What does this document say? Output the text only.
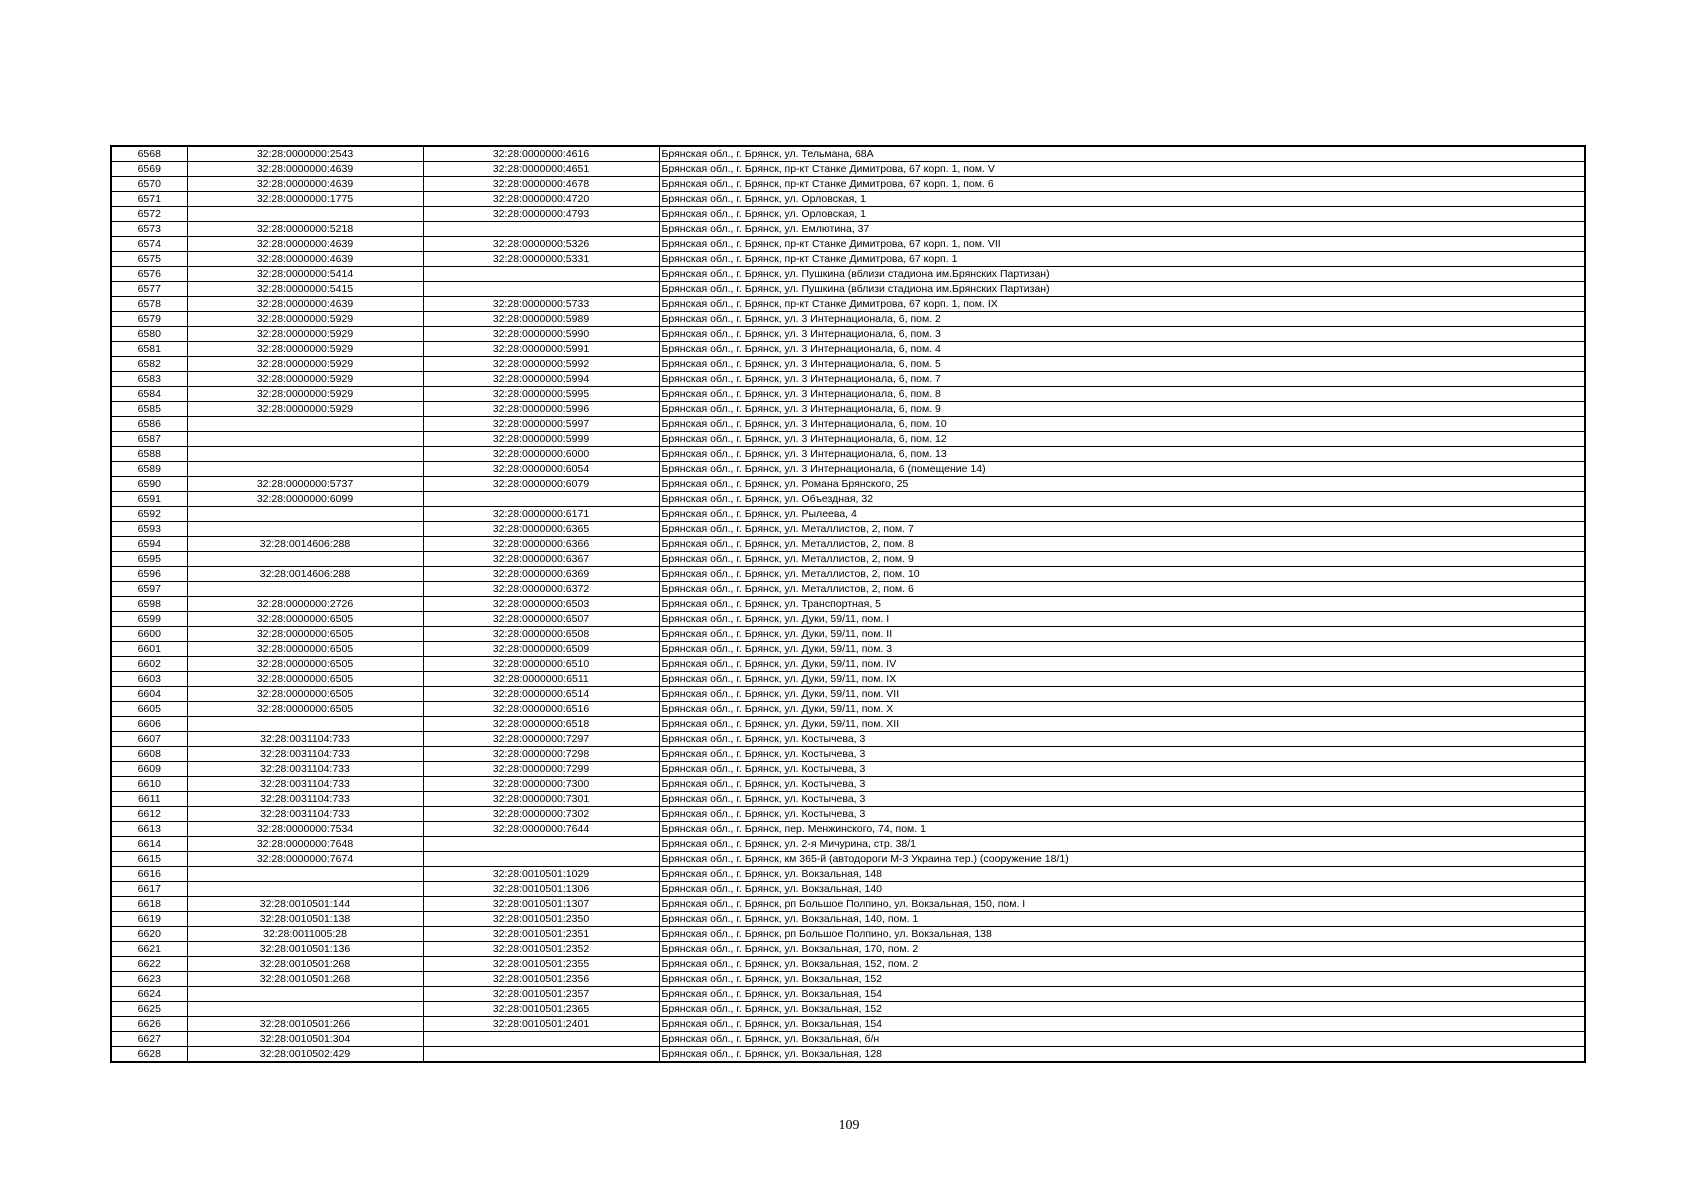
6568	32:28:0000000:2543	32:28:0000000:4616	Брянская обл., г. Брянск, ул. Тельмана, 68А
6569	32:28:0000000:4639	32:28:0000000:4651	Брянская обл., г. Брянск, пр-кт Станке Димитрова, 67 корп. 1, пом. V
6570	32:28:0000000:4639	32:28:0000000:4678	Брянская обл., г. Брянск, пр-кт Станке Димитрова, 67 корп. 1, пом. 6
6571	32:28:0000000:1775	32:28:0000000:4720	Брянская обл., г. Брянск, ул. Орловская, 1
6572		32:28:0000000:4793	Брянская обл., г. Брянск, ул. Орловская, 1
6573	32:28:0000000:5218		Брянская обл., г. Брянск, ул. Емлютина, 37
6574	32:28:0000000:4639	32:28:0000000:5326	Брянская обл., г. Брянск, пр-кт Станке Димитрова, 67 корп. 1, пом. VII
6575	32:28:0000000:4639	32:28:0000000:5331	Брянская обл., г. Брянск, пр-кт Станке Димитрова, 67 корп. 1
6576	32:28:0000000:5414		Брянская обл., г. Брянск, ул. Пушкина (вблизи стадиона им.Брянских Партизан)
6577	32:28:0000000:5415		Брянская обл., г. Брянск, ул. Пушкина (вблизи стадиона им.Брянских Партизан)
6578	32:28:0000000:4639	32:28:0000000:5733	Брянская обл., г. Брянск, пр-кт Станке Димитрова, 67 корп. 1, пом. IX
6579	32:28:0000000:5929	32:28:0000000:5989	Брянская обл., г. Брянск, ул. 3 Интернационала, 6, пом. 2
6580	32:28:0000000:5929	32:28:0000000:5990	Брянская обл., г. Брянск, ул. 3 Интернационала, 6, пом. 3
6581	32:28:0000000:5929	32:28:0000000:5991	Брянская обл., г. Брянск, ул. 3 Интернационала, 6, пом. 4
6582	32:28:0000000:5929	32:28:0000000:5992	Брянская обл., г. Брянск, ул. 3 Интернационала, 6, пом. 5
6583	32:28:0000000:5929	32:28:0000000:5994	Брянская обл., г. Брянск, ул. 3 Интернационала, 6, пом. 7
6584	32:28:0000000:5929	32:28:0000000:5995	Брянская обл., г. Брянск, ул. 3 Интернационала, 6, пом. 8
6585	32:28:0000000:5929	32:28:0000000:5996	Брянская обл., г. Брянск, ул. 3 Интернационала, 6, пом. 9
6586		32:28:0000000:5997	Брянская обл., г. Брянск, ул. 3 Интернационала, 6, пом. 10
6587		32:28:0000000:5999	Брянская обл., г. Брянск, ул. 3 Интернационала, 6, пом. 12
6588		32:28:0000000:6000	Брянская обл., г. Брянск, ул. 3 Интернационала, 6, пом. 13
6589		32:28:0000000:6054	Брянская обл., г. Брянск, ул. 3 Интернационала, 6 (помещение 14)
6590	32:28:0000000:5737	32:28:0000000:6079	Брянская обл., г. Брянск, ул. Романа Брянского, 25
6591	32:28:0000000:6099		Брянская обл., г. Брянск, ул. Объездная, 32
6592		32:28:0000000:6171	Брянская обл., г. Брянск, ул. Рылеева, 4
6593		32:28:0000000:6365	Брянская обл., г. Брянск, ул. Металлистов, 2, пом. 7
6594	32:28:0014606:288	32:28:0000000:6366	Брянская обл., г. Брянск, ул. Металлистов, 2, пом. 8
6595		32:28:0000000:6367	Брянская обл., г. Брянск, ул. Металлистов, 2, пом. 9
6596	32:28:0014606:288	32:28:0000000:6369	Брянская обл., г. Брянск, ул. Металлистов, 2, пом. 10
6597		32:28:0000000:6372	Брянская обл., г. Брянск, ул. Металлистов, 2, пом. 6
6598	32:28:0000000:2726	32:28:0000000:6503	Брянская обл., г. Брянск, ул. Транспортная, 5
6599	32:28:0000000:6505	32:28:0000000:6507	Брянская обл., г. Брянск, ул. Дуки, 59/11, пом. I
6600	32:28:0000000:6505	32:28:0000000:6508	Брянская обл., г. Брянск, ул. Дуки, 59/11, пом. II
6601	32:28:0000000:6505	32:28:0000000:6509	Брянская обл., г. Брянск, ул. Дуки, 59/11, пом. 3
6602	32:28:0000000:6505	32:28:0000000:6510	Брянская обл., г. Брянск, ул. Дуки, 59/11, пом. IV
6603	32:28:0000000:6505	32:28:0000000:6511	Брянская обл., г. Брянск, ул. Дуки, 59/11, пом. IX
6604	32:28:0000000:6505	32:28:0000000:6514	Брянская обл., г. Брянск, ул. Дуки, 59/11, пом. VII
6605	32:28:0000000:6505	32:28:0000000:6516	Брянская обл., г. Брянск, ул. Дуки, 59/11, пом. X
6606		32:28:0000000:6518	Брянская обл., г. Брянск, ул. Дуки, 59/11, пом. XII
6607	32:28:0031104:733	32:28:0000000:7297	Брянская обл., г. Брянск, ул. Костычева, 3
6608	32:28:0031104:733	32:28:0000000:7298	Брянская обл., г. Брянск, ул. Костычева, 3
6609	32:28:0031104:733	32:28:0000000:7299	Брянская обл., г. Брянск, ул. Костычева, 3
6610	32:28:0031104:733	32:28:0000000:7300	Брянская обл., г. Брянск, ул. Костычева, 3
6611	32:28:0031104:733	32:28:0000000:7301	Брянская обл., г. Брянск, ул. Костычева, 3
6612	32:28:0031104:733	32:28:0000000:7302	Брянская обл., г. Брянск, ул. Костычева, 3
6613	32:28:0000000:7534	32:28:0000000:7644	Брянская обл., г. Брянск, пер. Менжинского, 74, пом. 1
6614	32:28:0000000:7648		Брянская обл., г. Брянск, ул. 2-я Мичурина, стр. 38/1
6615	32:28:0000000:7674		Брянская обл., г. Брянск, км 365-й (автодороги М-3 Украина тер.) (сооружение 18/1)
6616		32:28:0010501:1029	Брянская обл., г. Брянск, ул. Вокзальная, 148
6617		32:28:0010501:1306	Брянская обл., г. Брянск, ул. Вокзальная, 140
6618	32:28:0010501:144	32:28:0010501:1307	Брянская обл., г. Брянск, рп Большое Полпино, ул. Вокзальная, 150, пом. I
6619	32:28:0010501:138	32:28:0010501:2350	Брянская обл., г. Брянск, ул. Вокзальная, 140, пом. 1
6620	32:28:0011005:28	32:28:0010501:2351	Брянская обл., г. Брянск, рп Большое Полпино, ул. Вокзальная, 138
6621	32:28:0010501:136	32:28:0010501:2352	Брянская обл., г. Брянск, ул. Вокзальная, 170, пом. 2
6622	32:28:0010501:268	32:28:0010501:2355	Брянская обл., г. Брянск, ул. Вокзальная, 152, пом. 2
6623	32:28:0010501:268	32:28:0010501:2356	Брянская обл., г. Брянск, ул. Вокзальная, 152
6624		32:28:0010501:2357	Брянская обл., г. Брянск, ул. Вокзальная, 154
6625		32:28:0010501:2365	Брянская обл., г. Брянск, ул. Вокзальная, 152
6626	32:28:0010501:266	32:28:0010501:2401	Брянская обл., г. Брянск, ул. Вокзальная, 154
6627	32:28:0010501:304		Брянская обл., г. Брянск, ул. Вокзальная, б/н
6628	32:28:0010502:429		Брянская обл., г. Брянск, ул. Вокзальная, 128
109
